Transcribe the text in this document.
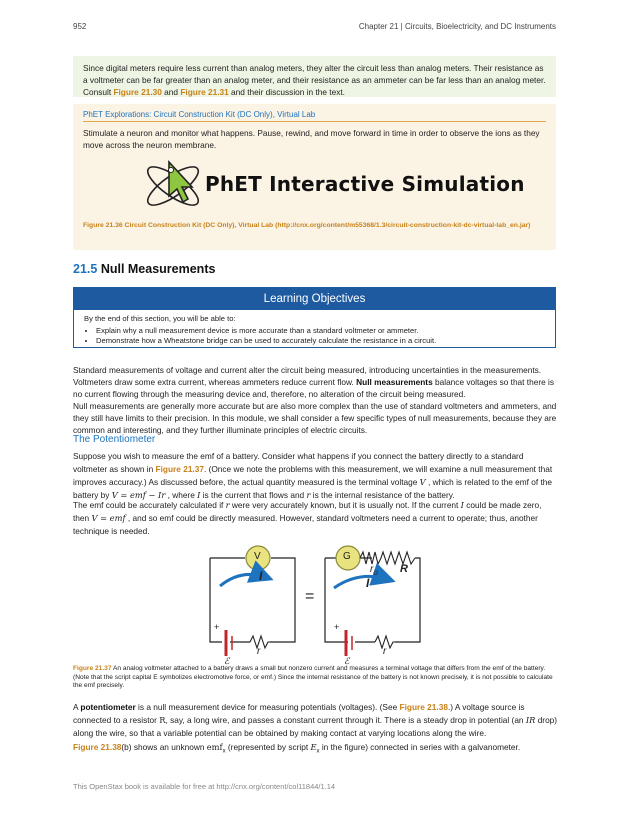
952	Chapter 21 | Circuits, Bioelectricity, and DC Instruments
Since digital meters require less current than analog meters, they alter the circuit less than analog meters. Their resistance as a voltmeter can be far greater than an analog meter, and their resistance as an ammeter can be far less than an analog meter. Consult Figure 21.30 and Figure 21.31 and their discussion in the text.
PhET Explorations: Circuit Construction Kit (DC Only), Virtual Lab
Stimulate a neuron and monitor what happens. Pause, rewind, and move forward in time in order to observe the ions as they move across the neuron membrane.
PhET Interactive Simulation
Figure 21.36 Circuit Construction Kit (DC Only), Virtual Lab (http://cnx.org/content/m55368/1.3/circuit-construction-kit-dc-virtual-lab_en.jar)
21.5 Null Measurements
Learning Objectives
By the end of this section, you will be able to:
• Explain why a null measurement device is more accurate than a standard voltmeter or ammeter.
• Demonstrate how a Wheatstone bridge can be used to accurately calculate the resistance in a circuit.
Standard measurements of voltage and current alter the circuit being measured, introducing uncertainties in the measurements. Voltmeters draw some extra current, whereas ammeters reduce current flow. Null measurements balance voltages so that there is no current flowing through the measuring device and, therefore, no alteration of the circuit being measured.
Null measurements are generally more accurate but are also more complex than the use of standard voltmeters and ammeters, and they still have limits to their precision. In this module, we shall consider a few specific types of null measurements, because they are common and interesting, and they further illuminate principles of electric circuits.
The Potentiometer
Suppose you wish to measure the emf of a battery. Consider what happens if you connect the battery directly to a standard voltmeter as shown in Figure 21.37. (Once we note the problems with this measurement, we will examine a null measurement that improves accuracy.) As discussed before, the actual quantity measured is the terminal voltage V , which is related to the emf of the battery by V = emf − Ir , where I is the current that flows and r is the internal resistance of the battery.
The emf could be accurately calculated if r were very accurately known, but it is usually not. If the current I could be made zero, then V = emf , and so emf could be directly measured. However, standard voltmeters need a current to operate; thus, another technique is needed.
V	G
I	I
$r_G$ R
r	r
+	+
ℰ	ℰ
=
Figure 21.37 An analog voltmeter attached to a battery draws a small but nonzero current and measures a terminal voltage that differs from the emf of the battery. (Note that the script capital E symbolizes electromotive force, or emf.) Since the internal resistance of the battery is not known precisely, it is not possible to calculate the emf precisely.
A potentiometer is a null measurement device for measuring potentials (voltages). (See Figure 21.38.) A voltage source is connected to a resistor R, say, a long wire, and passes a constant current through it. There is a steady drop in potential (an IR drop) along the wire, so that a variable potential can be obtained by making contact at varying locations along the wire.
Figure 21.38(b) shows an unknown emf$_x$ (represented by script $E_x$ in the figure) connected in series with a galvanometer.
This OpenStax book is available for free at http://cnx.org/content/col11844/1.14
